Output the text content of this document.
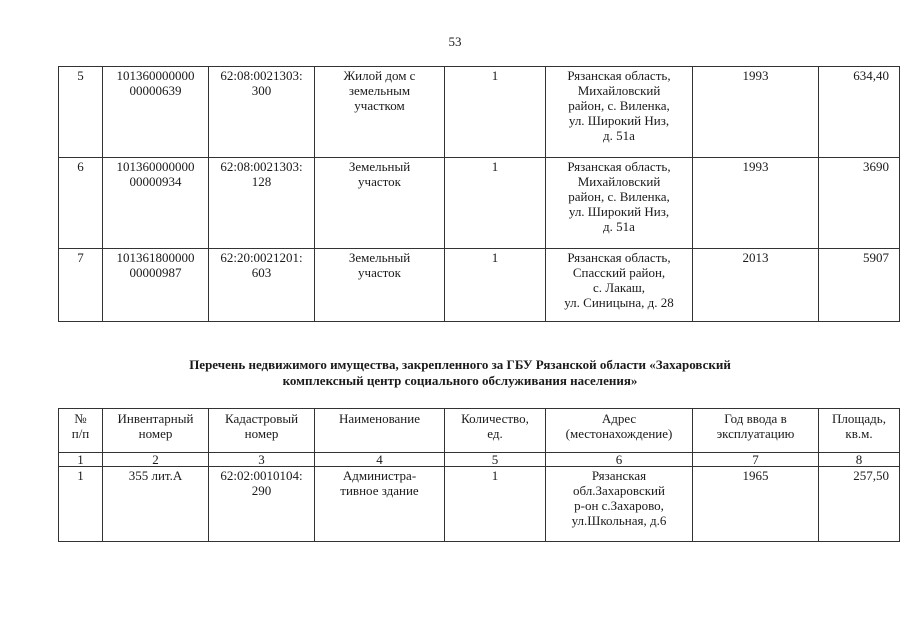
53
5	101360000000
00000639	62:08:0021303:
300	Жилой дом с
земельным
участком	1	Рязанская область,
Михайловский
район, с. Виленка,
ул. Широкий Низ,
д. 51а	1993	634,40
6	101360000000
00000934	62:08:0021303:
128	Земельный
участок	1	Рязанская область,
Михайловский
район, с. Виленка,
ул. Широкий Низ,
д. 51а	1993	3690
7	101361800000
00000987	62:20:0021201:
603	Земельный
участок	1	Рязанская область,
Спасский район,
с. Лакаш,
ул. Синицына, д. 28	2013	5907
Перечень недвижимого имущества, закрепленного за ГБУ Рязанской области «Захаровский
комплексный центр социального обслуживания населения»
№
п/п	Инвентарный
номер	Кадастровый
номер	Наименование	Количество,
ед.	Адрес
(местонахождение)	Год ввода в
эксплуатацию	Площадь,
кв.м.
1	2	3	4	5	6	7	8
1	355 лит.А	62:02:0010104:
290	Администра-
тивное здание	1	Рязанская
обл.Захаровский
р-он с.Захарово,
ул.Школьная, д.6	1965	257,50
